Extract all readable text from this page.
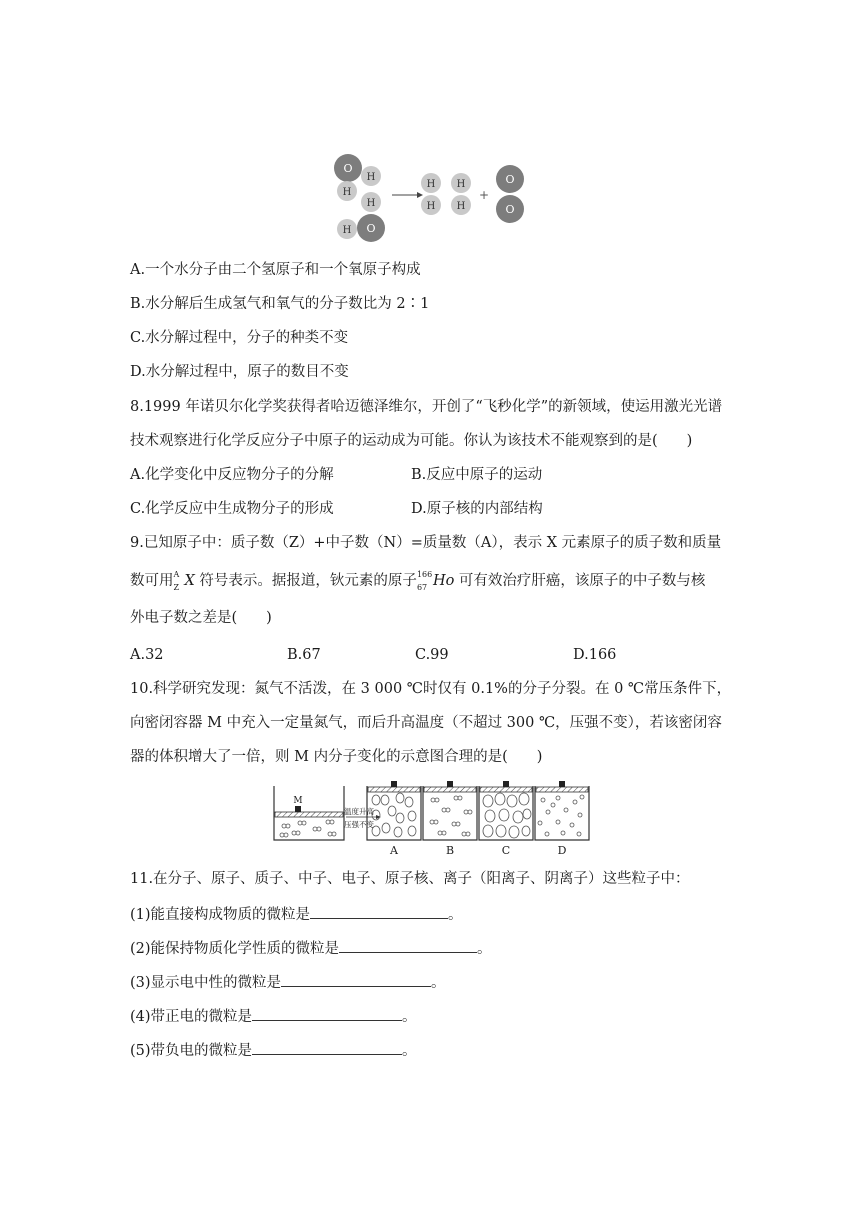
O
H
H
H
O
H
H
H
H
H
+
O
O
A.一个水分子由二个氢原子和一个氧原子构成
B.水分解后生成氢气和氧气的分子数比为 2∶1
C.水分解过程中，分子的种类不变
D.水分解过程中，原子的数目不变
8.1999 年诺贝尔化学奖获得者哈迈德泽维尔，开创了“飞秒化学”的新领域，使运用激光光谱
技术观察进行化学反应分子中原子的运动成为可能。你认为该技术不能观察到的是(　　)
A.化学变化中反应物分子的分解	B.反应中原子的运动
C.化学反应中生成物分子的形成	D.原子核的内部结构
9.已知原子中：质子数（Z）+中子数（N）=质量数（A），表示 X 元素原子的质子数和质量
数可用 A
Z X 符号表示。据报道，钬元素的原子 166
67 Ho 可有效治疗肝癌，该原子的中子数与核
外电子数之差是(　　)
A.32	B.67	C.99	D.166
10.科学研究发现：氮气不活泼，在 3 000 ℃时仅有 0.1%的分子分裂。在 0 ℃常压条件下，
向密闭容器 M 中充入一定量氮气，而后升高温度（不超过 300 ℃，压强不变），若该密闭容
器的体积增大了一倍，则 M 内分子变化的示意图合理的是(　　)
M
温度升高
压强不变
A	B	C	D
11.在分子、原子、质子、中子、电子、原子核、离子（阳离子、阴离子）这些粒子中：
(1)能直接构成物质的微粒是	。
(2)能保持物质化学性质的微粒是	。
(3)显示电中性的微粒是	。
(4)带正电的微粒是	。
(5)带负电的微粒是	。
